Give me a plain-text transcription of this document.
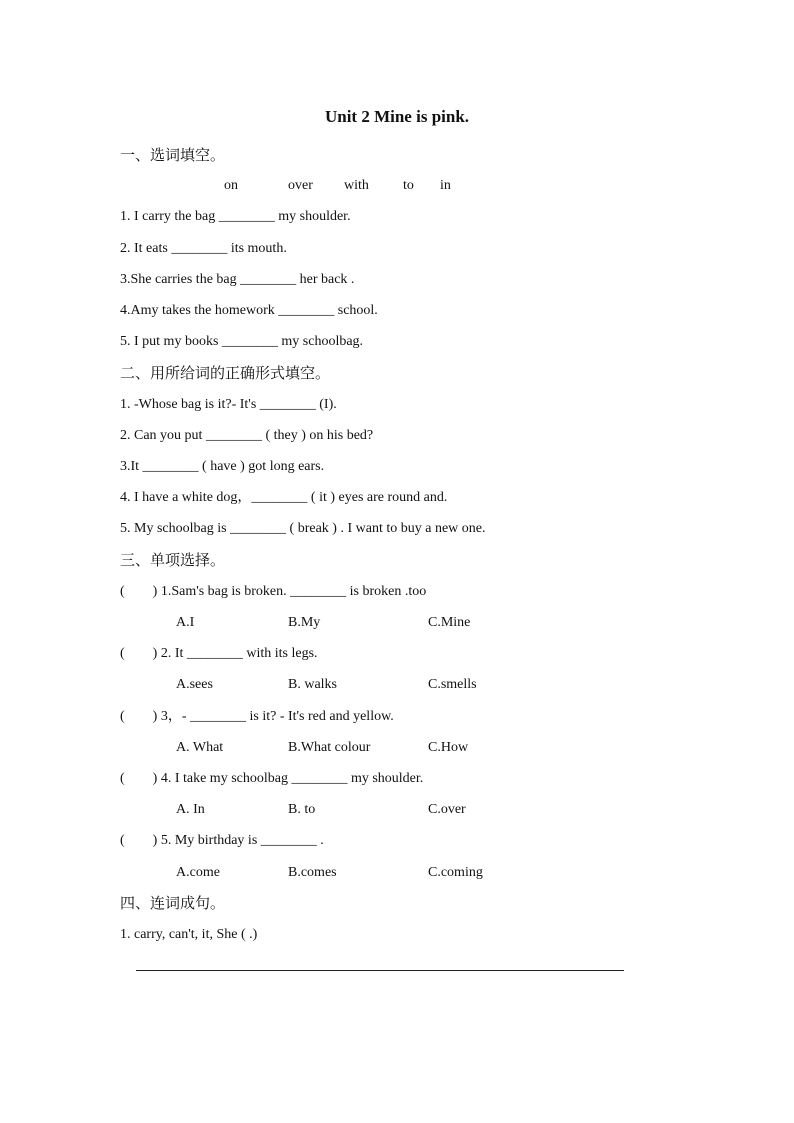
Unit 2 Mine is pink.
一、选词填空。
on	over with to in
1. I carry the bag ________ my shoulder.
2. It eats ________ its mouth.
3.She carries the bag ________ her back .
4.Amy takes the homework ________ school.
5. I put my books ________ my schoolbag.
二、用所给词的正确形式填空。
1. -Whose bag is it?- It's ________ (I).
2. Can you put ________ ( they ) on his bed?
3.It ________ ( have ) got long ears.
4. I have a white dog，________ ( it ) eyes are round and.
5. My schoolbag is ________ ( break ) . I want to buy a new one.
三、单项选择。
(        ) 1.Sam's bag is broken. ________ is broken .too
A.I	B.My	C.Mine
(        ) 2. It ________ with its legs.
A.sees	B. walks	C.smells
(        ) 3，- ________ is it? - It's red and yellow.
A. What	B.What colour	C.How
(        ) 4. I take my schoolbag ________ my shoulder.
A. In	B. to	C.over
(        ) 5. My birthday is ________ .
A.come	B.comes	C.coming
四、连词成句。
1. carry, can't, it, She ( .)
